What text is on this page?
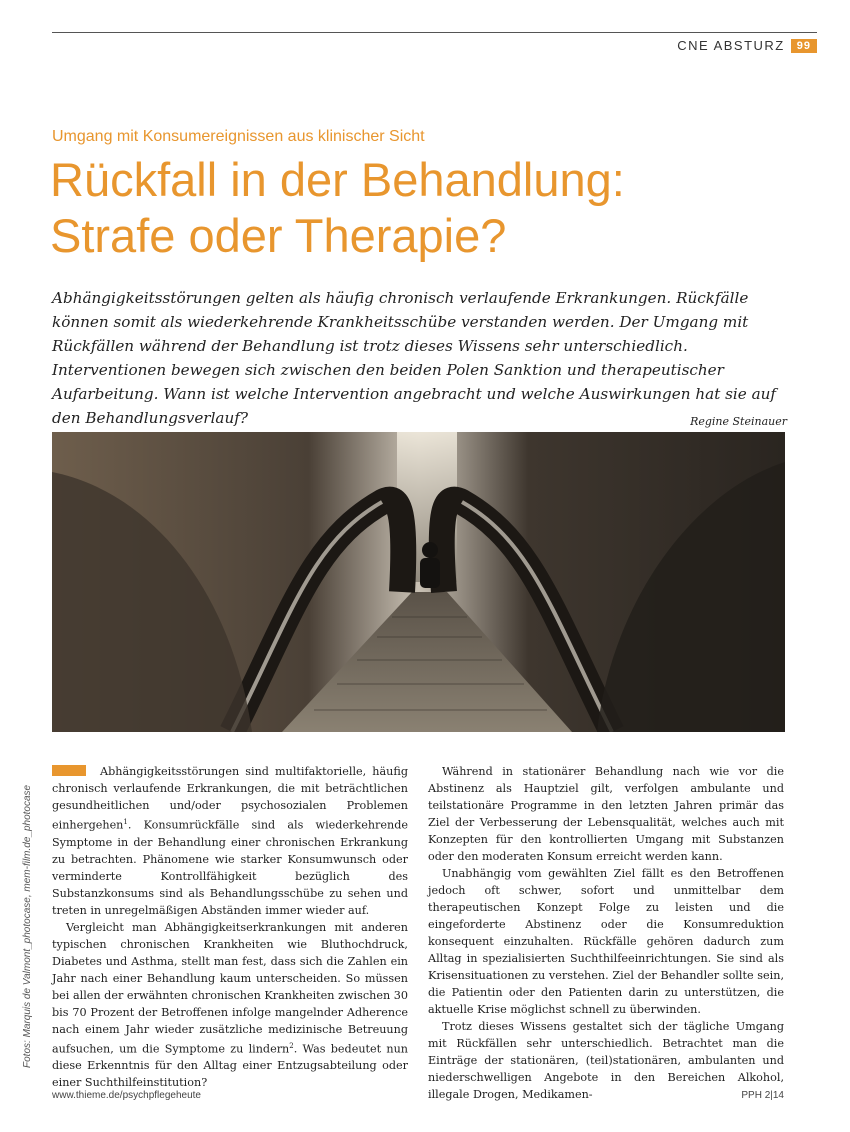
CNE ABSTURZ	99
Umgang mit Konsumereignissen aus klinischer Sicht
Rückfall in der Behandlung:
Strafe oder Therapie?
Abhängigkeitsstörungen gelten als häufig chronisch verlaufende Erkrankungen. Rückfälle können somit als wiederkehrende Krankheitsschübe verstanden werden. Der Umgang mit Rückfällen während der Behandlung ist trotz dieses Wissens sehr unterschiedlich. Interventionen bewegen sich zwischen den beiden Polen Sanktion und therapeutischer Aufarbeitung. Wann ist welche Intervention angebracht und welche Auswirkungen hat sie auf den Behandlungsverlauf?	Regine Steinauer
Fotos: Marquis de Valmont_photocase, mem-film.de_photocase

Abhängigkeitsstörungen sind multifaktorielle, häufig chronisch verlaufende Erkrankungen, die mit beträchtlichen gesundheitlichen und/oder psychosozialen Problemen einhergehen$^1$. Konsumrückfälle sind als wiederkehrende Symptome in der Behandlung einer chronischen Erkrankung zu betrachten. Phänomene wie starker Konsumwunsch oder verminderte Kontrollfähigkeit bezüglich des Substanzkonsums sind als Behandlungsschübe zu sehen und treten in unregelmäßigen Abständen immer wieder auf.

Vergleicht man Abhängigkeitserkrankungen mit anderen typischen chronischen Krankheiten wie Bluthochdruck, Diabetes und Asthma, stellt man fest, dass sich die Zahlen ein Jahr nach einer Behandlung kaum unterscheiden. So müssen bei allen der erwähnten chronischen Krankheiten zwischen 30 bis 70 Prozent der Betroffenen infolge mangelnder Adherence nach einem Jahr wieder zusätzliche medizinische Betreuung aufsuchen, um die Symptome zu lindern$^2$. Was bedeutet nun diese Erkenntnis für den Alltag einer Entzugsabteilung oder einer Suchthilfeinstitution?

Während in stationärer Behandlung nach wie vor die Abstinenz als Hauptziel gilt, verfolgen ambulante und teilstationäre Programme in den letzten Jahren primär das Ziel der Verbesserung der Lebensqualität, welches auch mit Konzepten für den kontrollierten Umgang mit Substanzen oder den moderaten Konsum erreicht werden kann.

Unabhängig vom gewählten Ziel fällt es den Betroffenen jedoch oft schwer, sofort und unmittelbar dem therapeutischen Konzept Folge zu leisten und die eingeforderte Abstinenz oder die Konsumreduktion konsequent einzuhalten. Rückfälle gehören dadurch zum Alltag in spezialisierten Suchthilfeeinrichtungen. Sie sind als Krisensituationen zu verstehen. Ziel der Behandler sollte sein, die Patientin oder den Patienten darin zu unterstützen, die aktuelle Krise möglichst schnell zu überwinden.

Trotz dieses Wissens gestaltet sich der tägliche Umgang mit Rückfällen sehr unterschiedlich. Betrachtet man die Einträge der stationären, (teil)stationären, ambulanten und niederschwelligen Angebote in den Bereichen Alkohol, illegale Drogen, Medikamen-

www.thieme.de/psychpflegeheute	PPH 2|14
